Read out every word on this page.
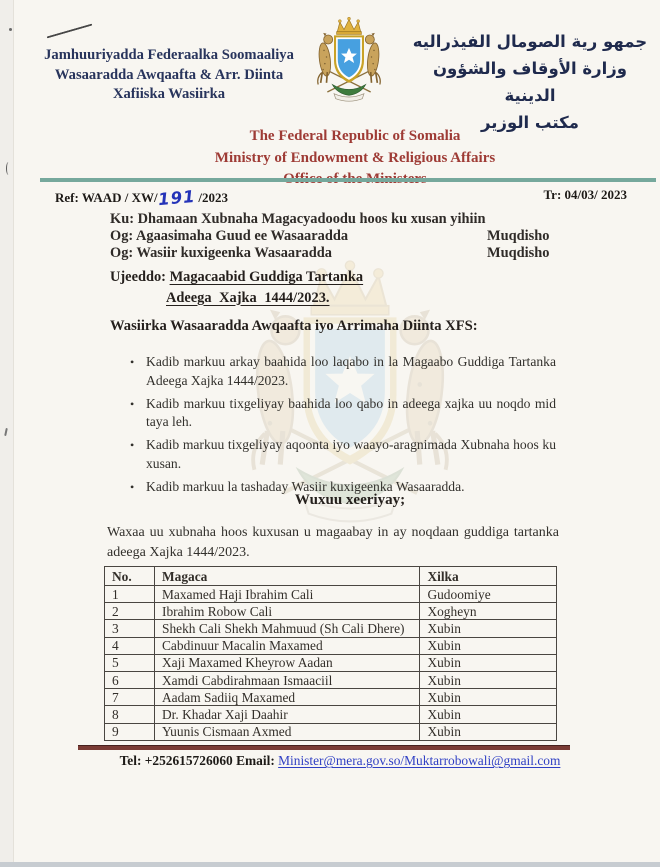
Jamhuuriyadda Federaalka Soomaaliya
Wasaaradda Awqaafta & Arr. Diinta
Xafiiska Wasiirka
جمهو رية الصومال الفيذراليه
وزارة الأوقاف والشؤون الدينية
مكتب الوزير
The Federal Republic of Somalia
Ministry of Endowment & Religious Affairs
Ref: WAAD / XW/191 /2023	Tr: 04/03/ 2023
Ku: Dhamaan Xubnaha Magacyadoodu hoos ku xusan yihiin
Og: Agaasimaha Guud ee Wasaaradda	Muqdisho
Og: Wasiir kuxigeenka Wasaaradda	Muqdisho
Ujeeddo: Magacaabid Guddiga Tartanka
Adeega Xajka 1444/2023.
Wasiirka Wasaaradda Awqaafta iyo Arrimaha Diinta XFS:
• Kadib markuu arkay baahida loo laqabo in la Magaabo Guddiga Tartanka Adeega Xajka 1444/2023.
• Kadib markuu tixgeliyay baahida loo qabo in adeega xajka uu noqdo mid taya leh.
• Kadib markuu tixgeliyay aqoonta iyo waayo-aragnimada Xubnaha hoos ku xusan.
• Kadib markuu la tashaday Wasiir kuxigeenka Wasaaradda.
Wuxuu xeeriyay;
Waxaa uu xubnaha hoos kuxusan u magaabay in ay noqdaan guddiga tartanka adeega Xajka 1444/2023.
No.	Magaca	Xilka
1	Maxamed Haji Ibrahim Cali	Gudoomiye
2	Ibrahim Robow Cali	Xogheyn
3	Shekh Cali Shekh Mahmuud (Sh Cali Dhere)	Xubin
4	Cabdinuur Macalin Maxamed	Xubin
5	Xaji Maxamed Kheyrow Aadan	Xubin
6	Xamdi Cabdirahmaan Ismaaciil	Xubin
7	Aadam Sadiiq Maxamed	Xubin
8	Dr. Khadar Xaji Daahir	Xubin
9	Yuunis Cismaan Axmed	Xubin
Tel: +252615726060 Email: Minister@mera.gov.so/Muktarrobowali@gmail.com
